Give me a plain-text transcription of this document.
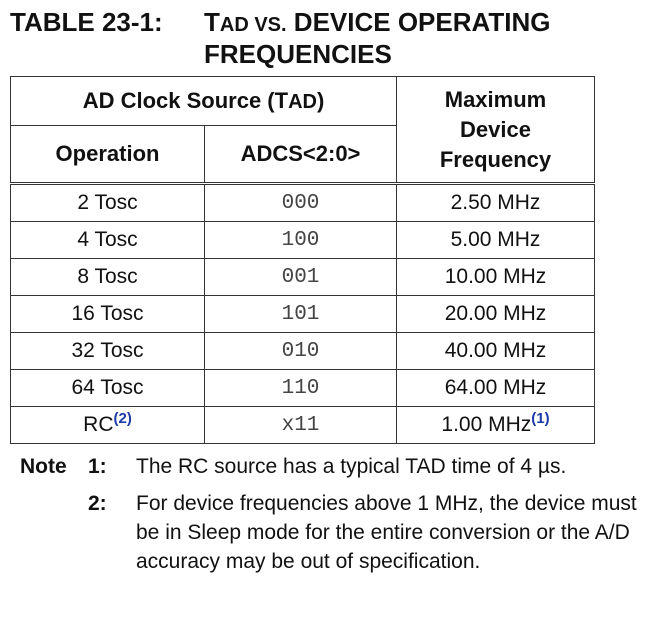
TABLE 23-1: TAD VS. DEVICE OPERATING
FREQUENCIES
AD Clock Source (TAD)		Maximum
Device
Frequency
Operation	ADCS<2:0>	
2 Tosc	000	2.50 MHz
4 Tosc	100	5.00 MHz
8 Tosc	001	10.00 MHz
16 Tosc	101	20.00 MHz
32 Tosc	010	40.00 MHz
64 Tosc	110	64.00 MHz
RC$^{(2)}$	x11	1.00 MHz$^{(1)}$
Note 1: The RC source has a typical TAD time of 4 µs.
2: For device frequencies above 1 MHz, the device must be in Sleep mode for the entire conversion or the A/D accuracy may be out of specification.
